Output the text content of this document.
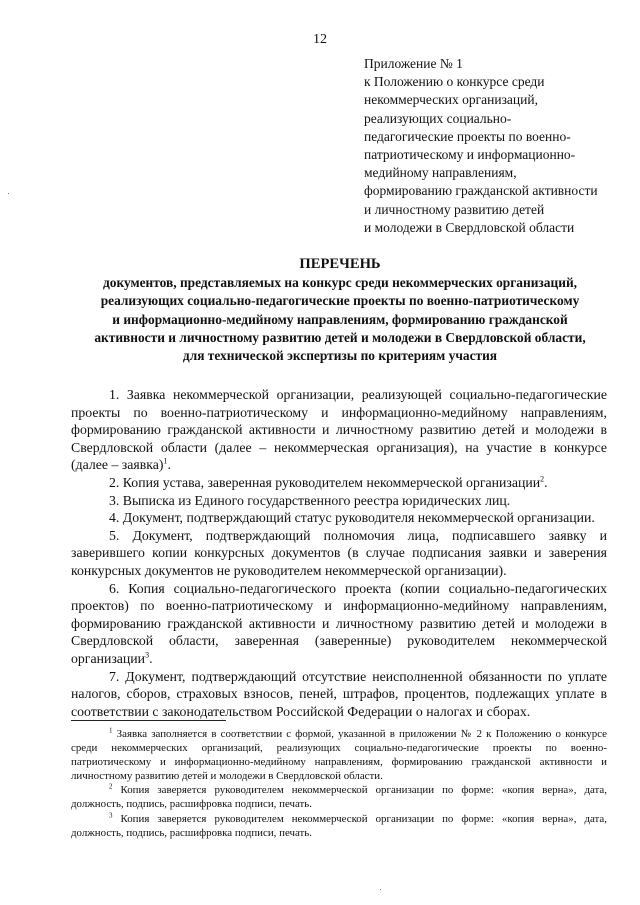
12
Приложение № 1
к Положению о конкурсе среди
некоммерческих организаций,
реализующих социально-
педагогические проекты по военно-
патриотическому и информационно-
медийному направлениям,
формированию гражданской активности
и личностному развитию детей
и молодежи в Свердловской области
ПЕРЕЧЕНЬ
документов, представляемых на конкурс среди некоммерческих организаций,
реализующих социально-педагогические проекты по военно-патриотическому
и информационно-медийному направлениям, формированию гражданской
активности и личностному развитию детей и молодежи в Свердловской области,
для технической экспертизы по критериям участия

1. Заявка некоммерческой организации, реализующей социально-педагогические проекты по военно-патриотическому и информационно-медийному направлениям, формированию гражданской активности и личностному развитию детей и молодежи в Свердловской области (далее – некоммерческая организация), на участие в конкурсе (далее – заявка)$^1$.

2. Копия устава, заверенная руководителем некоммерческой организации$^2$.

3. Выписка из Единого государственного реестра юридических лиц.

4. Документ, подтверждающий статус руководителя некоммерческой организации.

5. Документ, подтверждающий полномочия лица, подписавшего заявку и заверившего копии конкурсных документов (в случае подписания заявки и заверения конкурсных документов не руководителем некоммерческой организации).

6. Копия социально-педагогического проекта (копии социально-педагогических проектов) по военно-патриотическому и информационно-медийному направлениям, формированию гражданской активности и личностному развитию детей и молодежи в Свердловской области, заверенная (заверенные) руководителем некоммерческой организации$^3$.

7. Документ, подтверждающий отсутствие неисполненной обязанности по уплате налогов, сборов, страховых взносов, пеней, штрафов, процентов, подлежащих уплате в соответствии с законодательством Российской Федерации о налогах и сборах.

$^1$ Заявка заполняется в соответствии с формой, указанной в приложении № 2 к Положению о конкурсе среди некоммерческих организаций, реализующих социально-педагогические проекты по военно-патриотическому и информационно-медийному направлениям, формированию гражданской активности и личностному развитию детей и молодежи в Свердловской области.

$^2$ Копия заверяется руководителем некоммерческой организации по форме: «копия верна», дата, должность, подпись, расшифровка подписи, печать.

$^3$ Копия заверяется руководителем некоммерческой организации по форме: «копия верна», дата, должность, подпись, расшифровка подписи, печать.
